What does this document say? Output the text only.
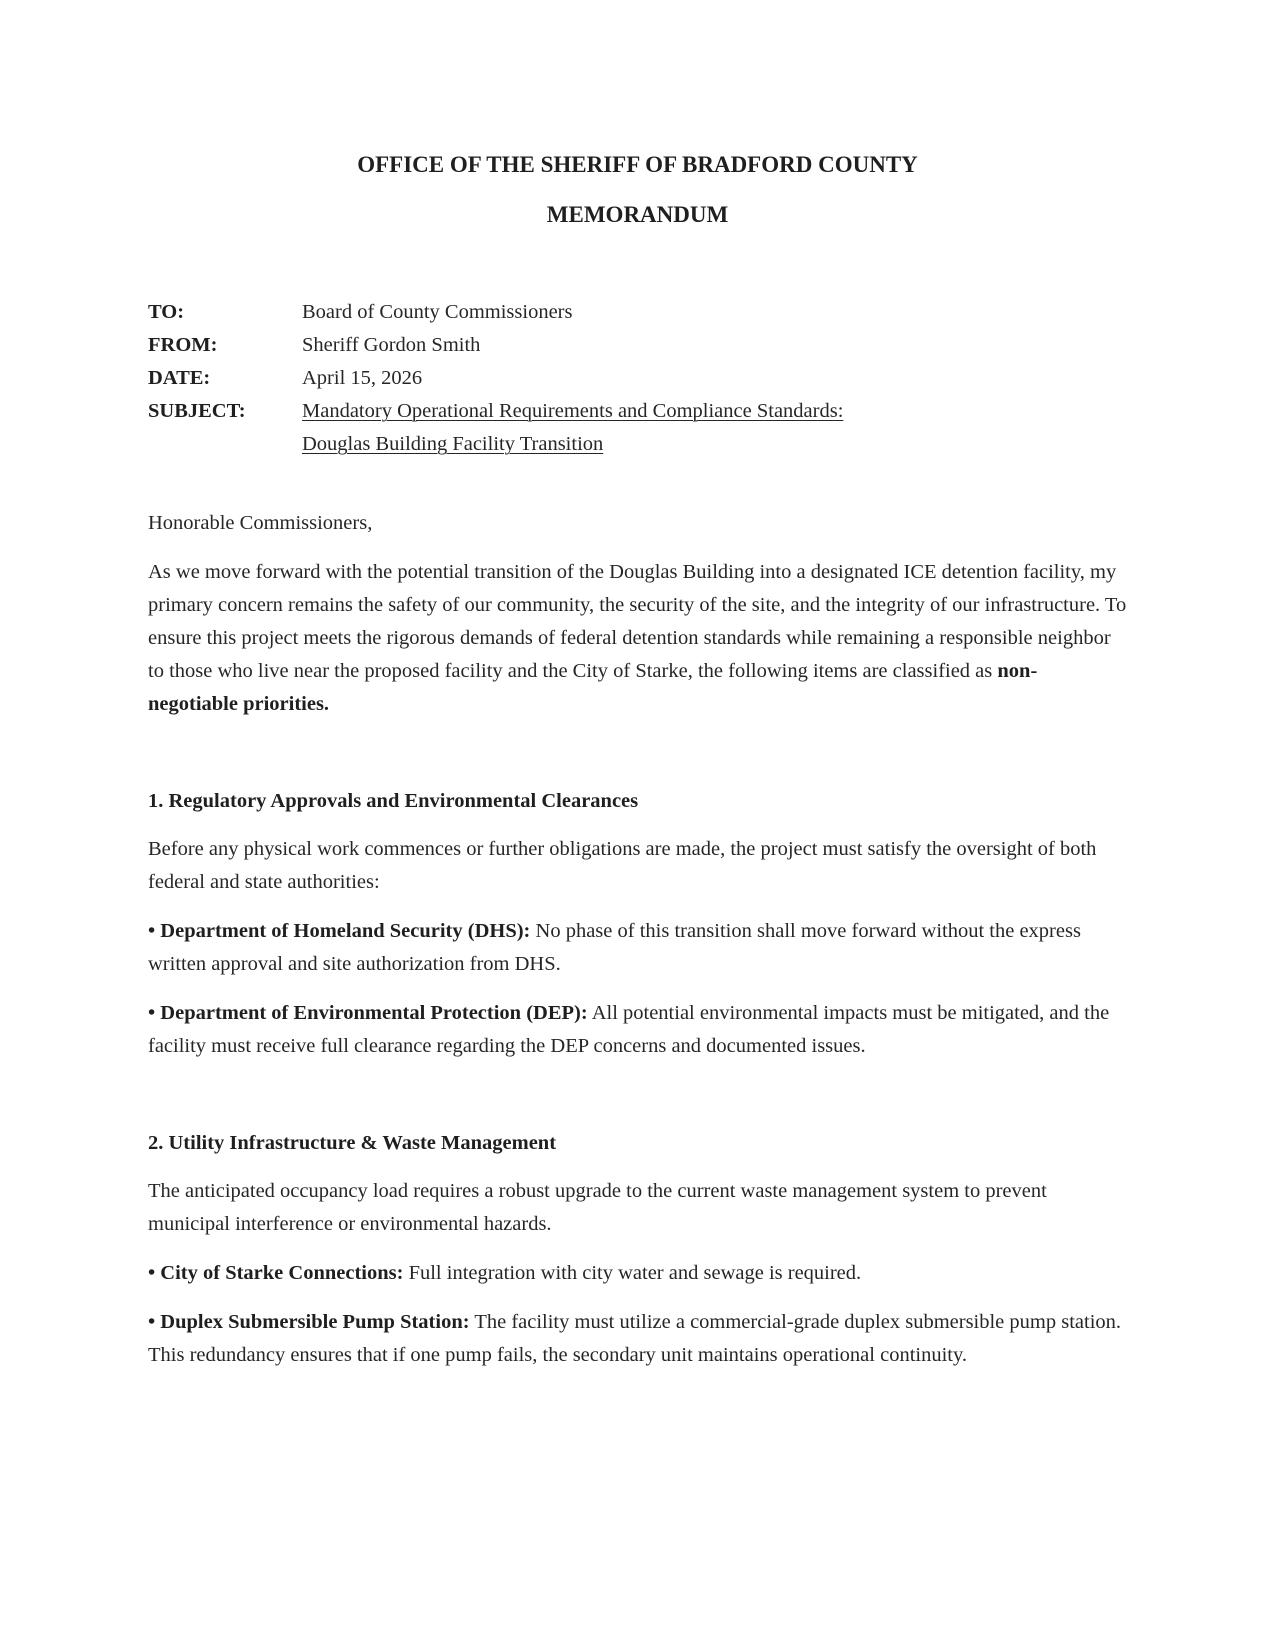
OFFICE OF THE SHERIFF OF BRADFORD COUNTY
MEMORANDUM
TO:	Board of County Commissioners
FROM:	Sheriff Gordon Smith
DATE:	April 15, 2026
SUBJECT:	Mandatory Operational Requirements and Compliance Standards:
Douglas Building Facility Transition

Honorable Commissioners,

As we move forward with the potential transition of the Douglas Building into a designated ICE detention facility, my primary concern remains the safety of our community, the security of the site, and the integrity of our infrastructure. To ensure this project meets the rigorous demands of federal detention standards while remaining a responsible neighbor to those who live near the proposed facility and the City of Starke, the following items are classified as non-negotiable priorities.

1. Regulatory Approvals and Environmental Clearances

Before any physical work commences or further obligations are made, the project must satisfy the oversight of both federal and state authorities:

• Department of Homeland Security (DHS): No phase of this transition shall move forward without the express written approval and site authorization from DHS.

• Department of Environmental Protection (DEP): All potential environmental impacts must be mitigated, and the facility must receive full clearance regarding the DEP concerns and documented issues.

2. Utility Infrastructure & Waste Management

The anticipated occupancy load requires a robust upgrade to the current waste management system to prevent municipal interference or environmental hazards.

• City of Starke Connections: Full integration with city water and sewage is required.

• Duplex Submersible Pump Station: The facility must utilize a commercial-grade duplex submersible pump station. This redundancy ensures that if one pump fails, the secondary unit maintains operational continuity.
